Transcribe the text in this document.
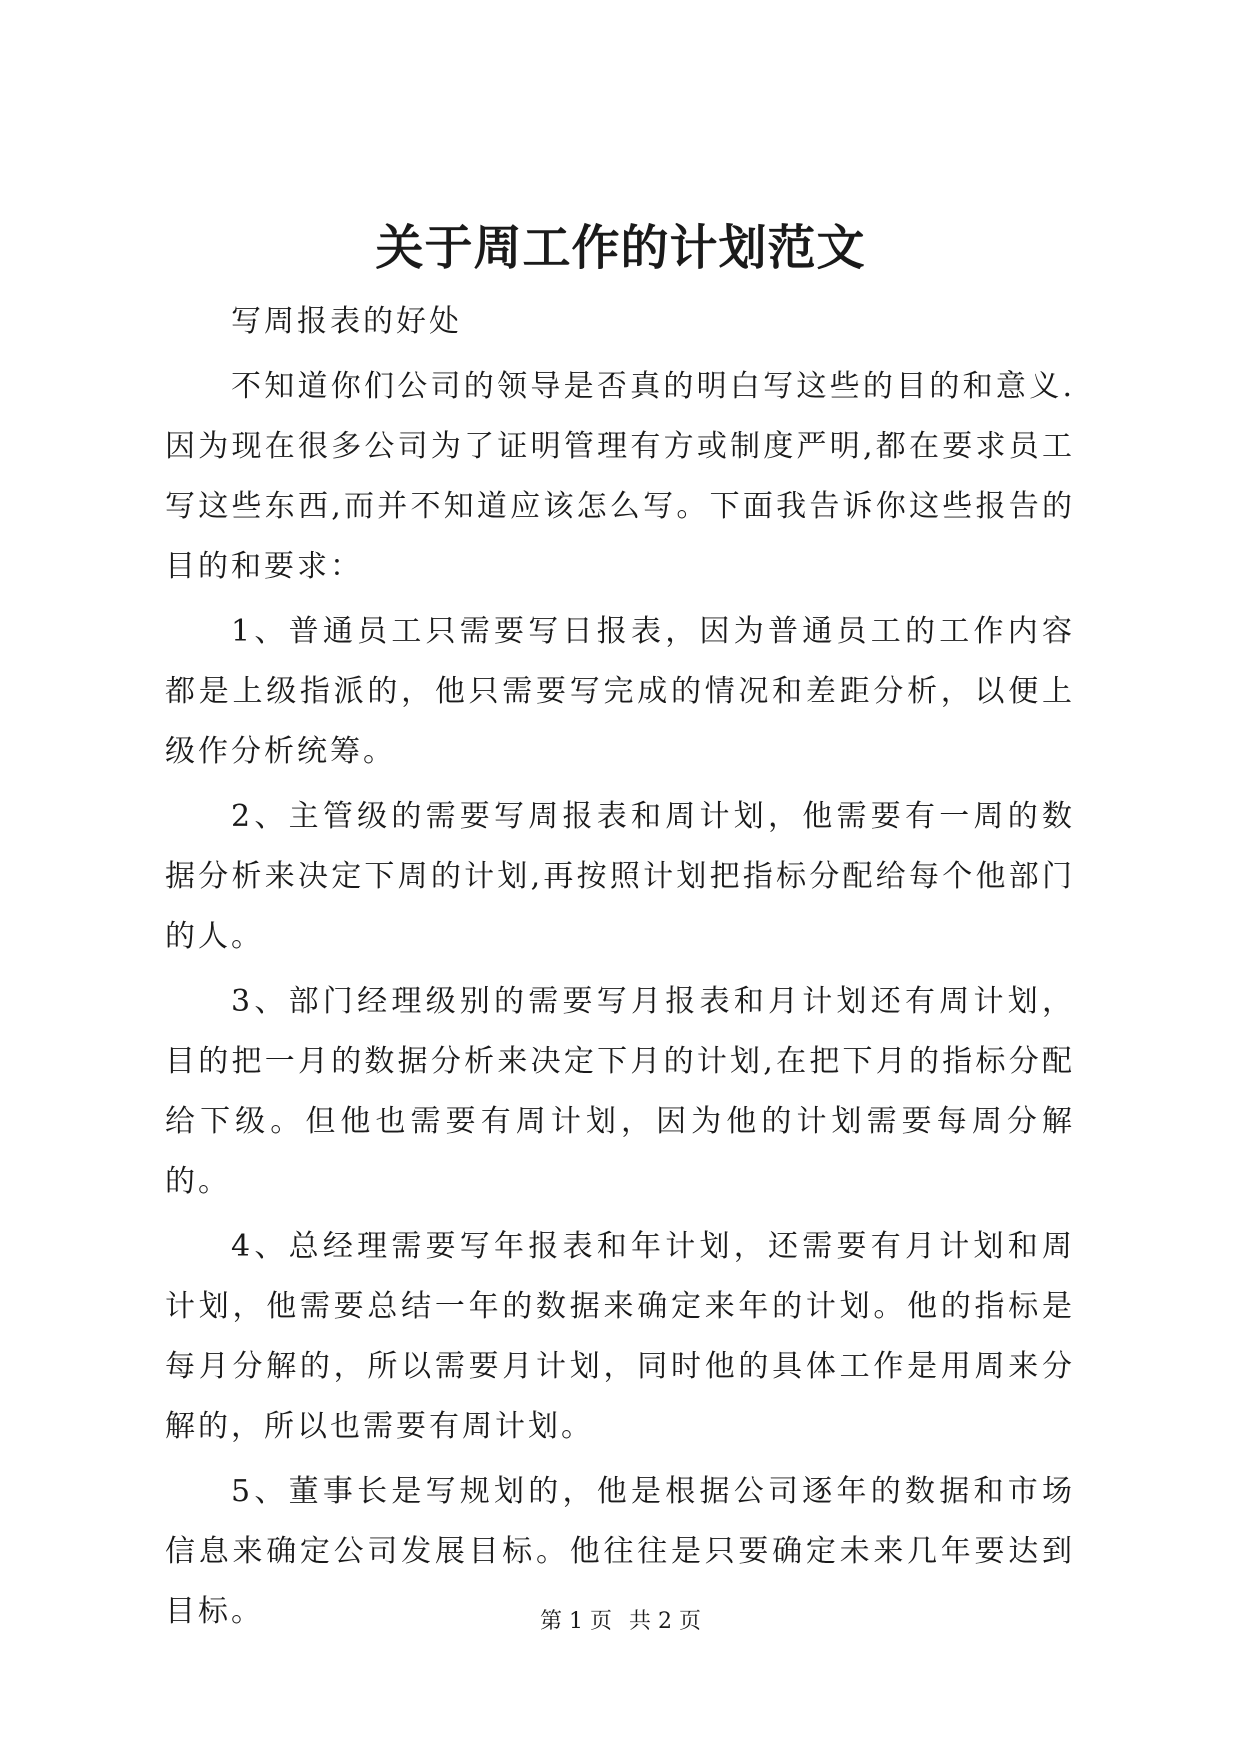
关于周工作的计划范文

写周报表的好处

不知道你们公司的领导是否真的明白写这些的目的和意义.因为现在很多公司为了证明管理有方或制度严明,都在要求员工写这些东西,而并不知道应该怎么写。下面我告诉你这些报告的目的和要求：

1、普通员工只需要写日报表，因为普通员工的工作内容都是上级指派的，他只需要写完成的情况和差距分析，以便上级作分析统筹。

2、主管级的需要写周报表和周计划，他需要有一周的数据分析来决定下周的计划,再按照计划把指标分配给每个他部门的人。

3、部门经理级别的需要写月报表和月计划还有周计划，目的把一月的数据分析来决定下月的计划,在把下月的指标分配给下级。但他也需要有周计划，因为他的计划需要每周分解的。

4、总经理需要写年报表和年计划，还需要有月计划和周计划，他需要总结一年的数据来确定来年的计划。他的指标是每月分解的，所以需要月计划，同时他的具体工作是用周来分解的，所以也需要有周计划。

5、董事长是写规划的，他是根据公司逐年的数据和市场信息来确定公司发展目标。他往往是只要确定未来几年要达到目标。	第 1 页 共 2 页
